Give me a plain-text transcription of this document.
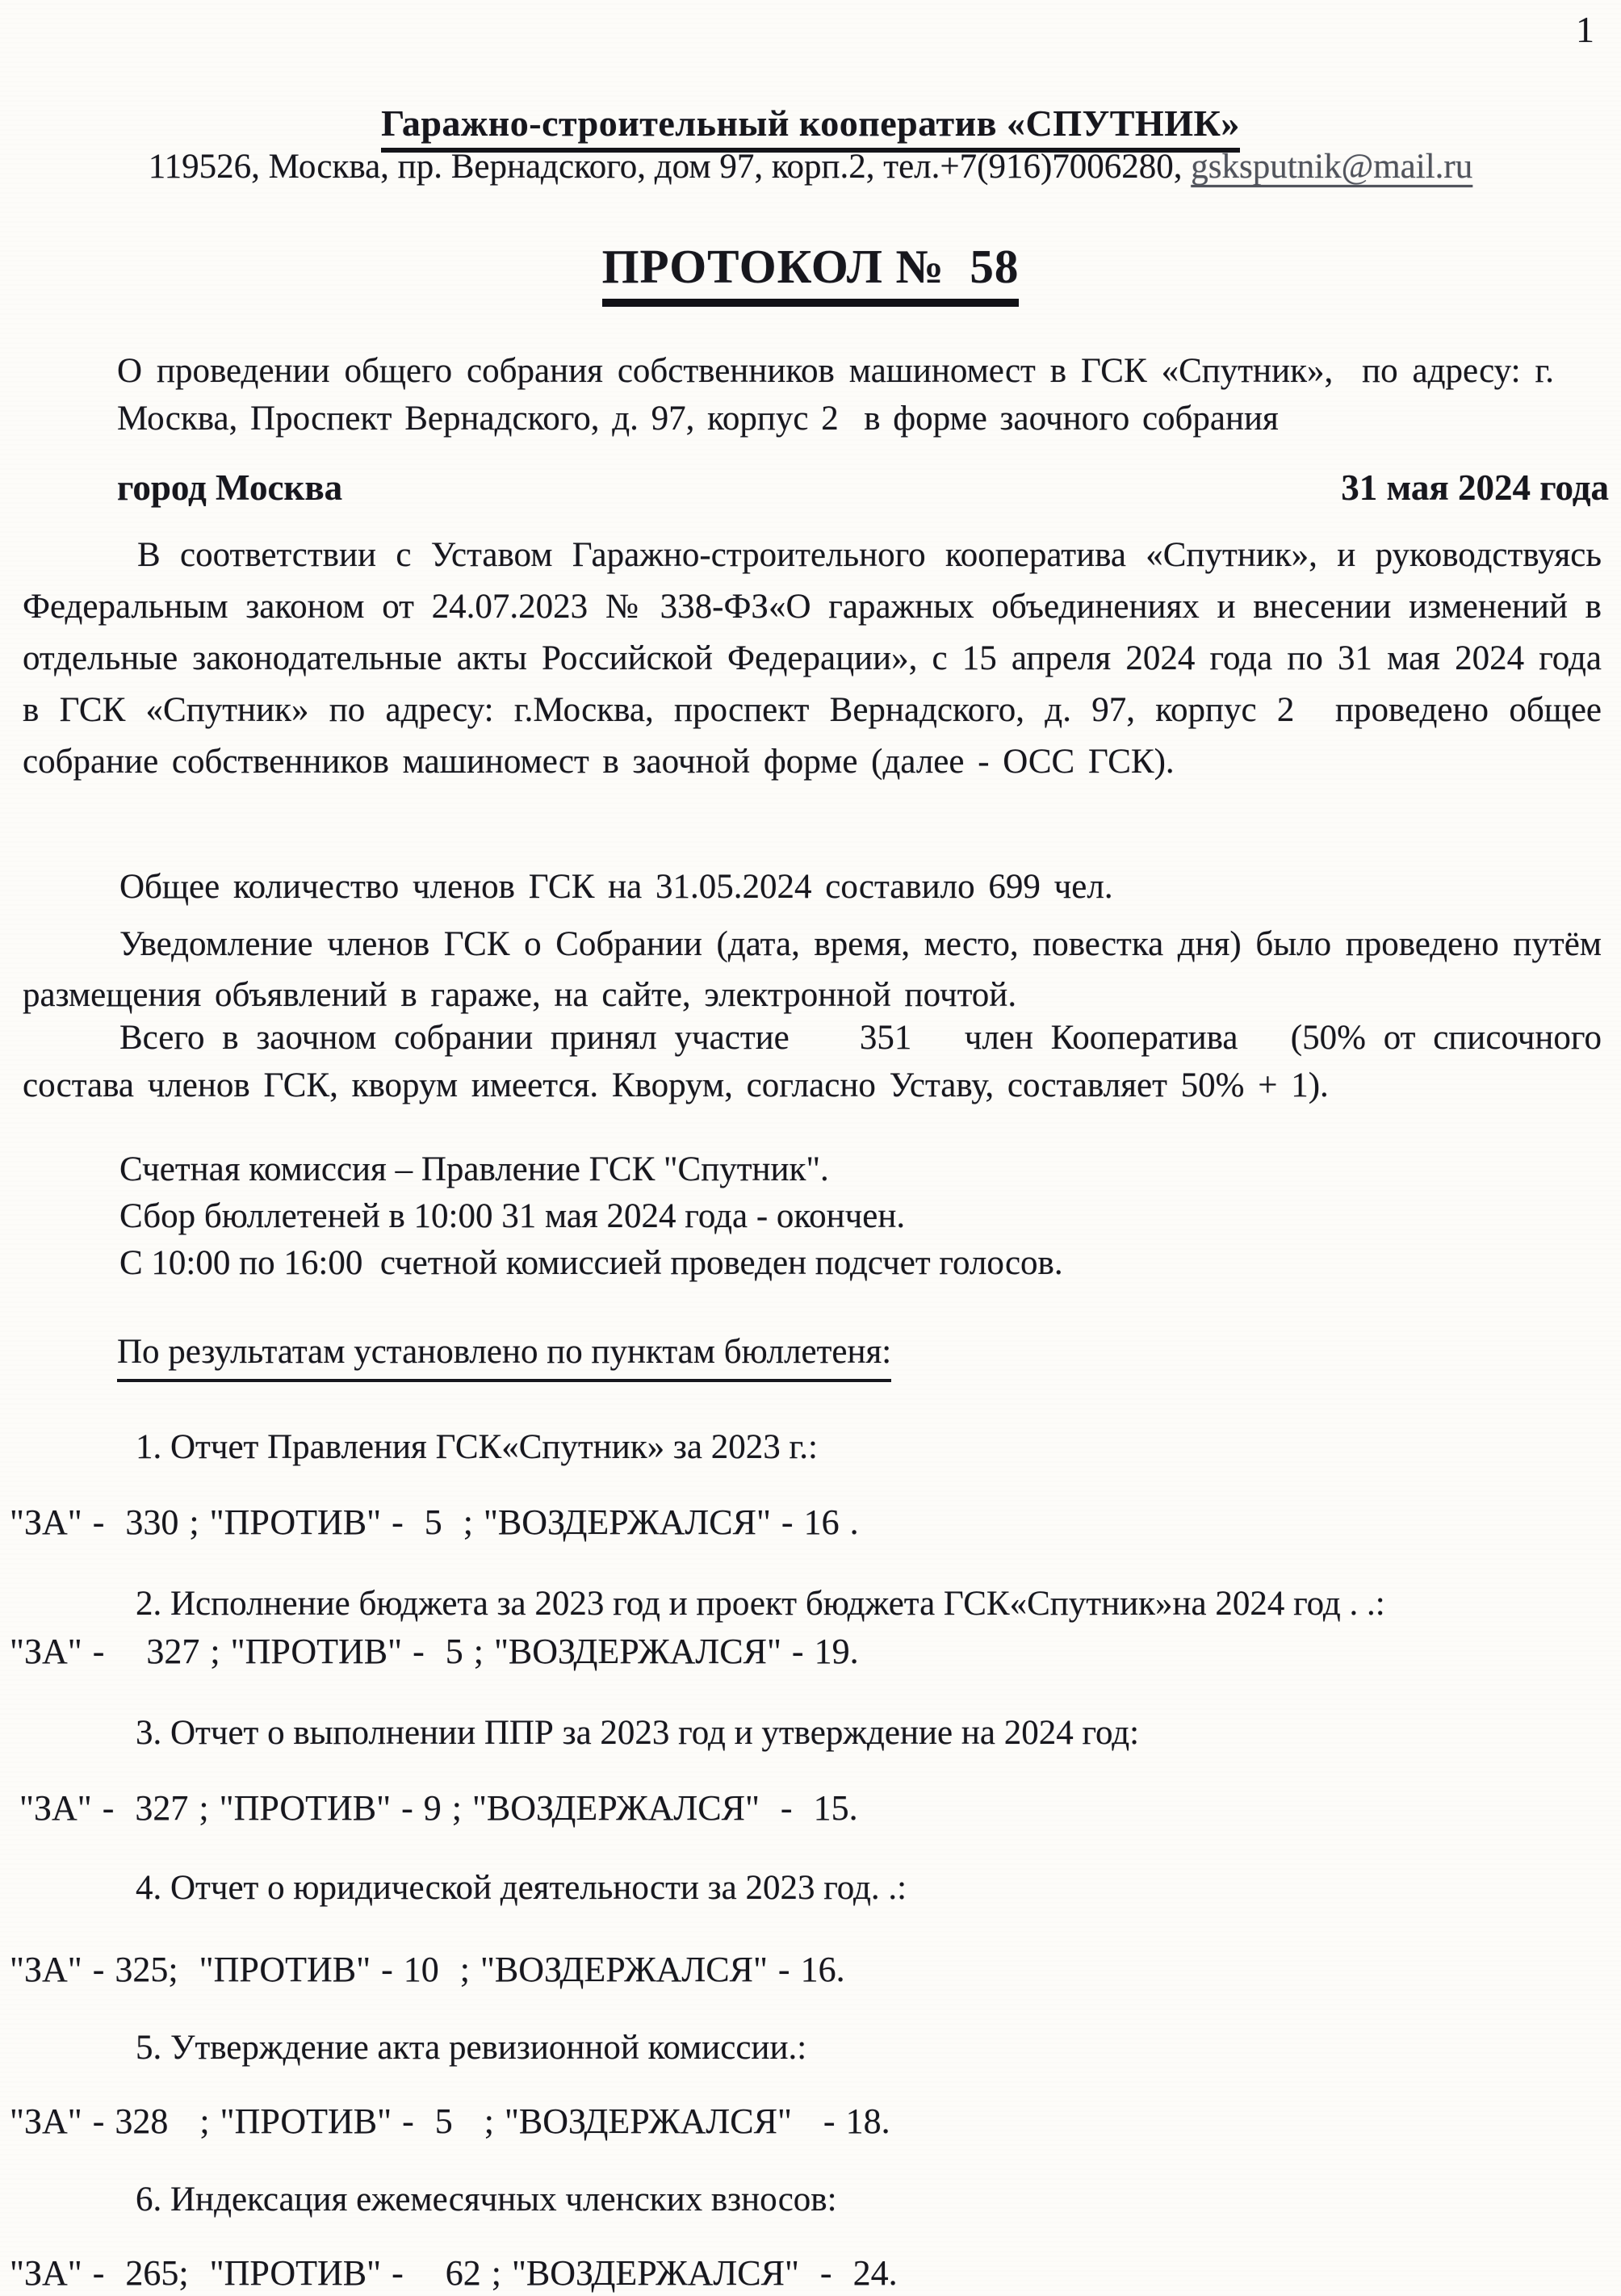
1
Гаражно-строительный кооператив «СПУТНИК»
119526, Москва, пр. Вернадского, дом 97, корп.2, тел.+7(916)7006280, gsksputnik@mail.ru
ПРОТОКОЛ №  58
О проведении общего собрания собственников машиномест в ГСК «Спутник»,  по адресу: г. Москва, Проспект Вернадского, д. 97, корпус 2  в форме заочного собрания
город Москва	31 мая 2024 года
В соответствии с Уставом Гаражно-строительного кооператива «Спутник», и руководствуясь Федеральным законом от 24.07.2023 № 338-ФЗ«О гаражных объединениях и внесении изменений в отдельные законодательные акты Российской Федерации», с 15 апреля 2024 года по 31 мая 2024 года в ГСК «Спутник» по адресу: г.Москва, проспект Вернадского, д. 97, корпус 2  проведено общее собрание собственников машиномест в заочной форме (далее - ОСС ГСК).
Общее количество членов ГСК на 31.05.2024 составило 699 чел.
Уведомление членов ГСК о Собрании (дата, время, место, повестка дня) было проведено путём размещения объявлений в гараже, на сайте, электронной почтой.
Всего в заочном собрании принял участие    351   член Кооператива   (50% от списочного состава членов ГСК, кворум имеется. Кворум, согласно Уставу, составляет 50% + 1).
Счетная комиссия – Правление ГСК "Спутник".
Сбор бюллетеней в 10:00 31 мая 2024 года - окончен.
С 10:00 по 16:00  счетной комиссией проведен подсчет голосов.
По результатам установлено по пунктам бюллетеня:
1. Отчет Правления ГСК«Спутник» за 2023 г.:
"ЗА" -  330 ; "ПРОТИВ" -  5  ; "ВОЗДЕРЖАЛСЯ" - 16 .
2. Исполнение бюджета за 2023 год и проект бюджета ГСК«Спутник»на 2024 год . .:
"ЗА" -    327 ; "ПРОТИВ" -  5 ; "ВОЗДЕРЖАЛСЯ" - 19.
3. Отчет о выполнении ППР за 2023 год и утверждение на 2024 год:
"ЗА" -  327 ; "ПРОТИВ" - 9 ; "ВОЗДЕРЖАЛСЯ"  -  15.
4. Отчет о юридической деятельности за 2023 год. .:
"ЗА" - 325;  "ПРОТИВ" - 10  ; "ВОЗДЕРЖАЛСЯ" - 16.
5. Утверждение акта ревизионной комиссии.:
"ЗА" - 328   ; "ПРОТИВ" -  5   ; "ВОЗДЕРЖАЛСЯ"   - 18.
6. Индексация ежемесячных членских взносов:
"ЗА" -  265;  "ПРОТИВ" -    62 ; "ВОЗДЕРЖАЛСЯ"  -  24.
